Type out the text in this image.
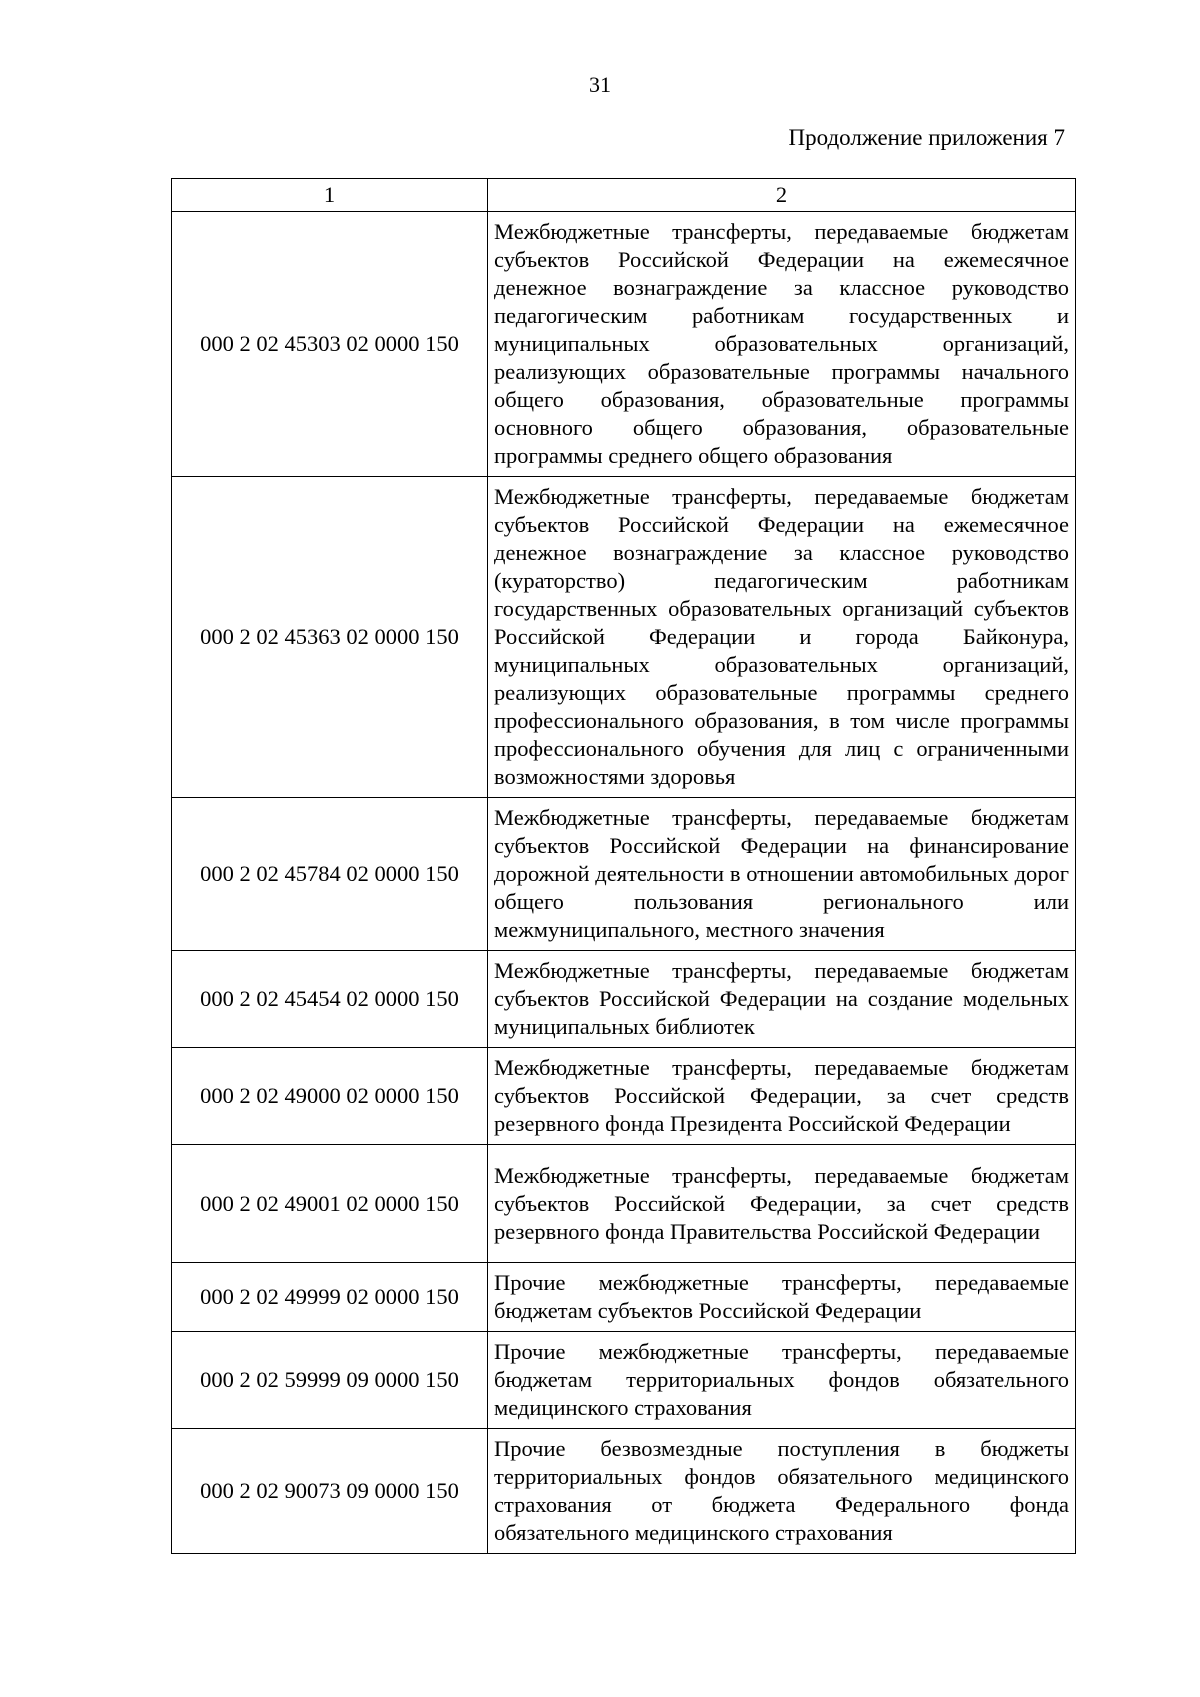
31
Продолжение приложения 7
1	2
000 2 02 45303 02 0000 150	Межбюджетные трансферты, передаваемые бюджетам субъектов Российской Федерации на ежемесячное денежное вознаграждение за классное руководство педагогическим работникам государственных и муниципальных образовательных организаций, реализующих образовательные программы начального общего образования, образовательные программы основного общего образования, образовательные программы среднего общего образования
000 2 02 45363 02 0000 150	Межбюджетные трансферты, передаваемые бюджетам субъектов Российской Федерации на ежемесячное денежное вознаграждение за классное руководство (кураторство) педагогическим работникам государственных образовательных организаций субъектов Российской Федерации и города Байконура, муниципальных образовательных организаций, реализующих образовательные программы среднего профессионального образования, в том числе программы профессионального обучения для лиц с ограниченными возможностями здоровья
000 2 02 45784 02 0000 150	Межбюджетные трансферты, передаваемые бюджетам субъектов Российской Федерации на финансирование дорожной деятельности в отношении автомобильных дорог общего пользования регионального или межмуниципального, местного значения
000 2 02 45454 02 0000 150	Межбюджетные трансферты, передаваемые бюджетам субъектов Российской Федерации на создание модельных муниципальных библиотек
000 2 02 49000 02 0000 150	Межбюджетные трансферты, передаваемые бюджетам субъектов Российской Федерации, за счет средств резервного фонда Президента Российской Федерации
000 2 02 49001 02 0000 150	Межбюджетные трансферты, передаваемые бюджетам субъектов Российской Федерации, за счет средств резервного фонда Правительства Российской Федерации
000 2 02 49999 02 0000 150	Прочие межбюджетные трансферты, передаваемые бюджетам субъектов Российской Федерации
000 2 02 59999 09 0000 150	Прочие межбюджетные трансферты, передаваемые бюджетам территориальных фондов обязательного медицинского страхования
000 2 02 90073 09 0000 150	Прочие безвозмездные поступления в бюджеты территориальных фондов обязательного медицинского страхования от бюджета Федерального фонда обязательного медицинского страхования
